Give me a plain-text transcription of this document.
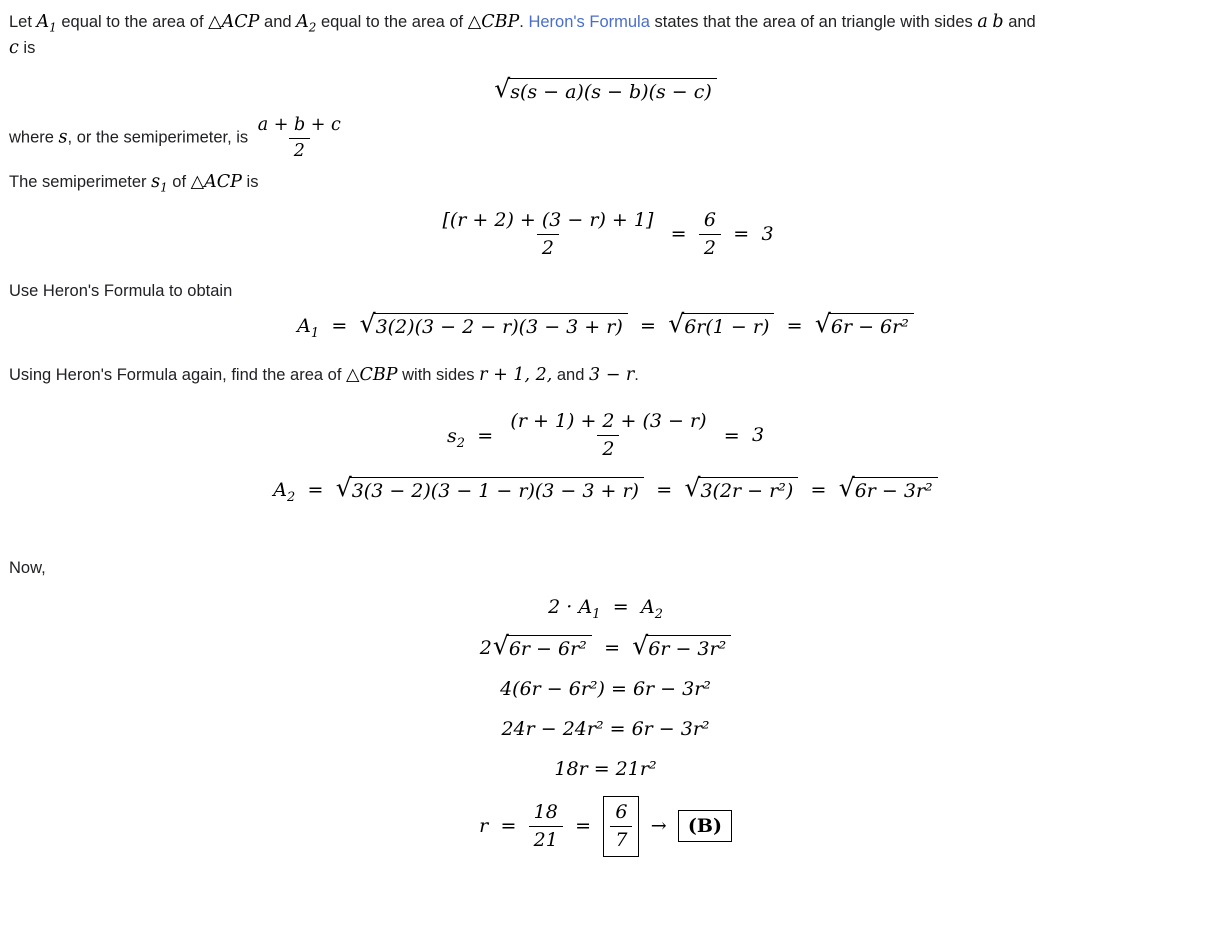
Let $A_1$ equal to the area of △ACP and $A_2$ equal to the area of △CBP. Heron's Formula states that the area of an triangle with sides a b and
c is

√ s(s − a)(s − b)(s − c)

where s, or the semiperimeter, is $\frac{a + b + c}{2}$

The semiperimeter $s_1$ of △ACP is

$\frac{[(r + 2) + (3 - r) + 1]}{2} = \frac{6}{2} = 3$

Use Heron's Formula to obtain

$A_1$ = √ 3(2)(3 − 2 − r)(3 − 3 + r) = √ 6r(1 − r) = √ 6r − 6r²

Using Heron's Formula again, find the area of △CBP with sides r + 1, 2, and 3 − r.

$s_2 = \frac{(r + 1) + 2 + (3 - r)}{2} = 3$
$A_2$ = √ 3(3 − 2)(3 − 1 − r)(3 − 3 + r) = √ 3(2r − r²) = √ 6r − 3r²

Now,

$2 \cdot A_1 = A_2$
2 √ 6r − 6r² = √ 6r − 3r²
4(6r − 6r²) = 6r − 3r²
24r − 24r² = 6r − 3r²
18r = 21r²
$r = \frac{18}{21} = \frac{6}{7} \to (B)$
